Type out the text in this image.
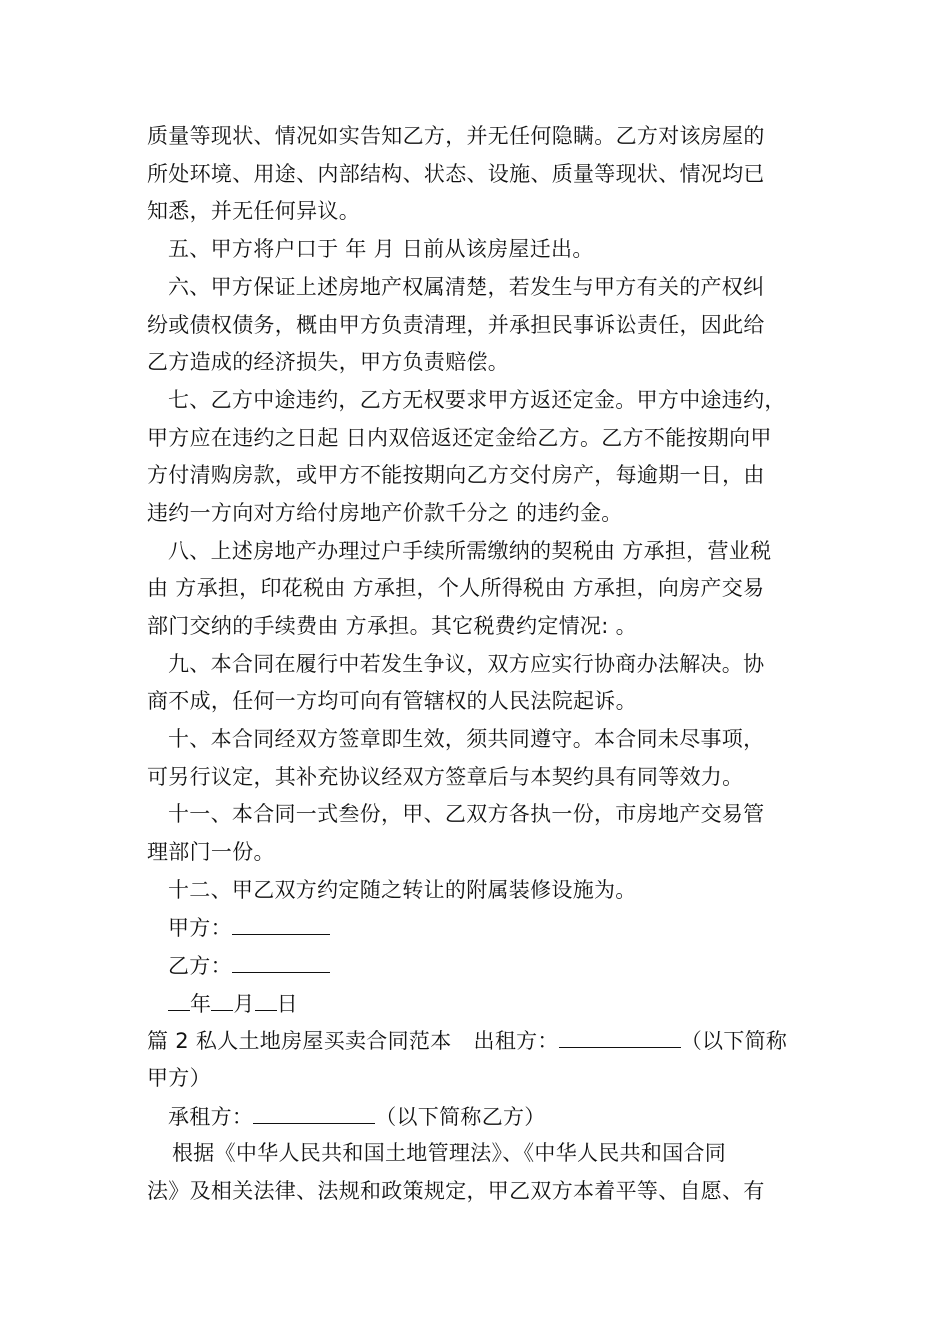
质量等现状、情况如实告知乙方，并无任何隐瞒。乙方对该房屋的
所处环境、用途、内部结构、状态、设施、质量等现状、情况均已
知悉，并无任何异议。
五、甲方将户口于 年 月 日前从该房屋迁出。
六、甲方保证上述房地产权属清楚，若发生与甲方有关的产权纠
纷或债权债务，概由甲方负责清理，并承担民事诉讼责任，因此给
乙方造成的经济损失，甲方负责赔偿。
七、乙方中途违约，乙方无权要求甲方返还定金。甲方中途违约，
甲方应在违约之日起 日内双倍返还定金给乙方。乙方不能按期向甲
方付清购房款，或甲方不能按期向乙方交付房产，每逾期一日，由
违约一方向对方给付房地产价款千分之 的违约金。
八、上述房地产办理过户手续所需缴纳的契税由 方承担，营业税
由 方承担，印花税由 方承担，个人所得税由 方承担，向房产交易
部门交纳的手续费由 方承担。其它税费约定情况: 。
九、本合同在履行中若发生争议，双方应实行协商办法解决。协
商不成，任何一方均可向有管辖权的人民法院起诉。
十、本合同经双方签章即生效，须共同遵守。本合同未尽事项，
可另行议定，其补充协议经双方签章后与本契约具有同等效力。
十一、本合同一式叁份，甲、乙双方各执一份，市房地产交易管
理部门一份。
十二、甲乙双方约定随之转让的附属装修设施为。
甲方：
乙方：
年 月 日
篇 2 私人土地房屋买卖合同范本 出租方：	（以下简称
甲方）
承租方：	（以下简称乙方）
根据《中华人民共和国土地管理法》、《中华人民共和国合同
法》及相关法律、法规和政策规定，甲乙双方本着平等、自愿、有
